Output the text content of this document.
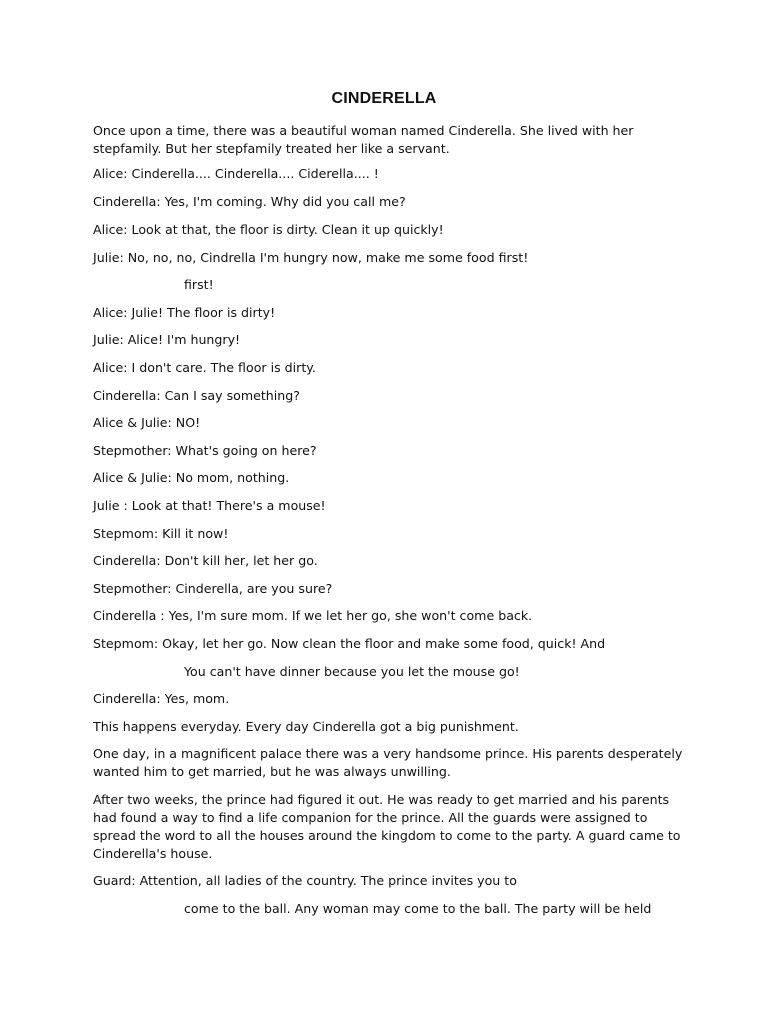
CINDERELLA

Once upon a time, there was a beautiful woman named Cinderella. She lived with her stepfamily. But her stepfamily treated her like a servant.

Alice: Cinderella.... Cinderella.... Ciderella.... !

Cinderella: Yes, I'm coming. Why did you call me?

Alice: Look at that, the floor is dirty. Clean it up quickly!

Julie: No, no, no, Cindrella I'm hungry now, make me some food first!

first!

Alice: Julie! The floor is dirty!

Julie: Alice! I'm hungry!

Alice: I don't care. The floor is dirty.

Cinderella: Can I say something?

Alice & Julie: NO!

Stepmother: What's going on here?

Alice & Julie: No mom, nothing.

Julie : Look at that! There's a mouse!

Stepmom: Kill it now!

Cinderella: Don't kill her, let her go.

Stepmother: Cinderella, are you sure?

Cinderella : Yes, I'm sure mom. If we let her go, she won't come back.

Stepmom: Okay, let her go. Now clean the floor and make some food, quick! And

You can't have dinner because you let the mouse go!

Cinderella: Yes, mom.

This happens everyday. Every day Cinderella got a big punishment.

One day, in a magnificent palace there was a very handsome prince. His parents desperately wanted him to get married, but he was always unwilling.

After two weeks, the prince had figured it out. He was ready to get married and his parents had found a way to find a life companion for the prince. All the guards were assigned to spread the word to all the houses around the kingdom to come to the party. A guard came to Cinderella's house.

Guard: Attention, all ladies of the country. The prince invites you to

come to the ball. Any woman may come to the ball. The party will be held
